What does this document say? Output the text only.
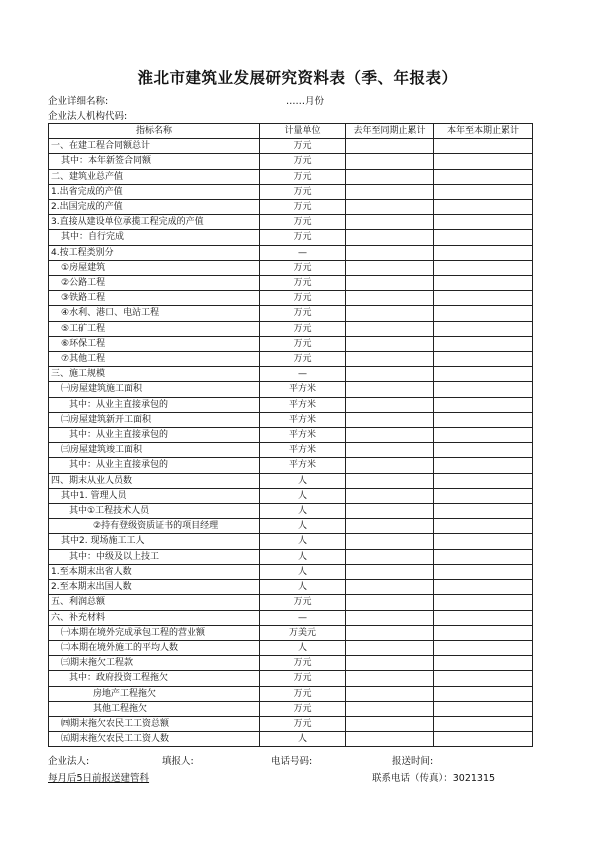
淮北市建筑业发展研究资料表（季、年报表）
企业详细名称:	……月份
企业法人机构代码:
指标名称	计量单位	去年至同期止累计	本年至本期止累计
一、在建工程合同额总计	万元		
其中：本年新签合同额	万元		
二、建筑业总产值	万元		
1.出省完成的产值	万元		
2.出国完成的产值	万元		
3.直接从建设单位承揽工程完成的产值	万元		
其中：自行完成	万元		
4.按工程类别分	—		
①房屋建筑	万元		
②公路工程	万元		
③铁路工程	万元		
④水利、港口、电站工程	万元		
⑤工矿工程	万元		
⑥环保工程	万元		
⑦其他工程	万元		
三、施工规模	—		
㈠房屋建筑施工面积	平方米		
其中：从业主直接承包的	平方米		
㈡房屋建筑新开工面积	平方米		
其中：从业主直接承包的	平方米		
㈢房屋建筑竣工面积	平方米		
其中：从业主直接承包的	平方米		
四、期末从业人员数	人		
其中1. 管理人员	人		
其中①工程技术人员	人		
②持有登级资质证书的项目经理	人		
其中2. 现场施工工人	人		
其中：中级及以上技工	人		
1.至本期末出省人数	人		
2.至本期末出国人数	人		
五、利润总额	万元		
六、补充材料	—		
㈠本期在境外完成承包工程的营业额	万美元		
㈡本期在境外施工的平均人数	人		
㈢期末拖欠工程款	万元		
其中：政府投资工程拖欠	万元		
房地产工程拖欠	万元		
其他工程拖欠	万元		
㈣期末拖欠农民工工资总额	万元		
㈤期末拖欠农民工工资人数	人		
企业法人:	填报人:	电话号码:	报送时间:
每月后5日前报送建管科	联系电话（传真）：3021315
